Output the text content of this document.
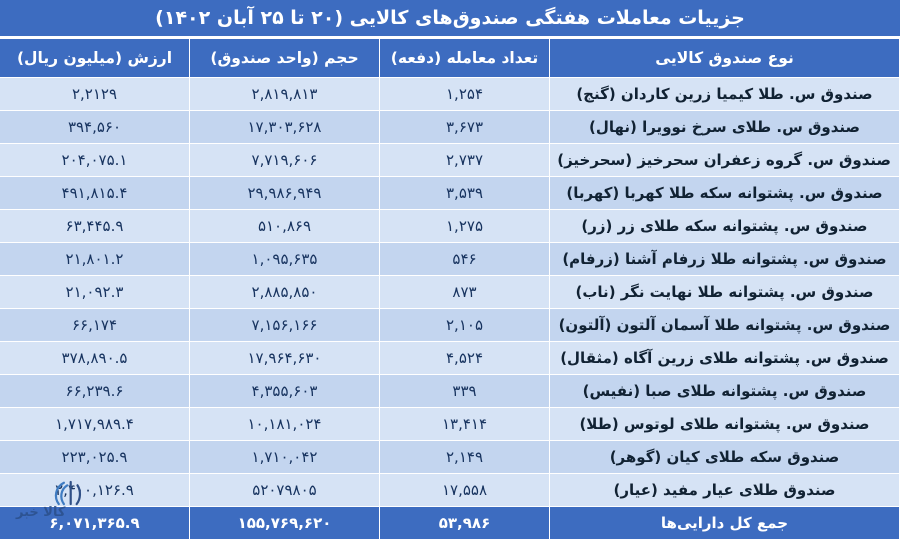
جزییات معاملات هفتگی صندوق‌های کالایی (۲۰ تا ۲۵ آبان ۱۴۰۲)
نوع صندوق کالایی	تعداد معامله (دفعه)	حجم (واحد صندوق)	ارزش (میلیون ریال)
صندوق س. طلا کیمیا زرین کاردان (گنج)	۱,۲۵۴	۲,۸۱۹,۸۱۳	۲,۲۱۲۹
صندوق س. طلای سرخ نوویرا (نهال)	۳,۶۷۳	۱۷,۳۰۳,۶۲۸	۳۹۴,۵۶۰
صندوق س. گروه زعفران سحرخیز (سحرخیز)	۲,۷۳۷	۷,۷۱۹,۶۰۶	۲۰۴,۰۷۵.۱
صندوق س. پشتوانه سکه طلا کهربا (کهربا)	۳,۵۳۹	۲۹,۹۸۶,۹۴۹	۴۹۱,۸۱۵.۴
صندوق س. پشتوانه سکه طلای زر (زر)	۱,۲۷۵	۵۱۰,۸۶۹	۶۳,۴۴۵.۹
صندوق س. پشتوانه طلا زرفام آشنا (زرفام)	۵۴۶	۱,۰۹۵,۶۳۵	۲۱,۸۰۱.۲
صندوق س. پشتوانه طلا نهایت نگر (ناب)	۸۷۳	۲,۸۸۵,۸۵۰	۲۱,۰۹۲.۳
صندوق س. پشتوانه طلا آسمان آلتون (آلتون)	۲,۱۰۵	۷,۱۵۶,۱۶۶	۶۶,۱۷۴
صندوق س. پشتوانه طلای زرین آگاه (مثقال)	۴,۵۲۴	۱۷,۹۶۴,۶۳۰	۳۷۸,۸۹۰.۵
صندوق س. پشتوانه طلای صبا (نفیس)	۳۳۹	۴,۳۵۵,۶۰۳	۶۶,۲۳۹.۶
صندوق س. پشتوانه طلای لوتوس (طلا)	۱۳,۴۱۴	۱۰,۱۸۱,۰۲۴	۱,۷۱۷,۹۸۹.۴
صندوق سکه طلای کیان (گوهر)	۲,۱۴۹	۱,۷۱۰,۰۴۲	۲۲۳,۰۲۵.۹
صندوق طلای عیار مفید (عیار)	۱۷,۵۵۸	۵۲۰۷۹۸۰۵	۲,۴۰۰,۱۲۶.۹
جمع کل دارایی‌ها	۵۳,۹۸۶	۱۵۵,۷۶۹,۶۲۰	۶,۰۷۱,۳۶۵.۹
کالا خبر
